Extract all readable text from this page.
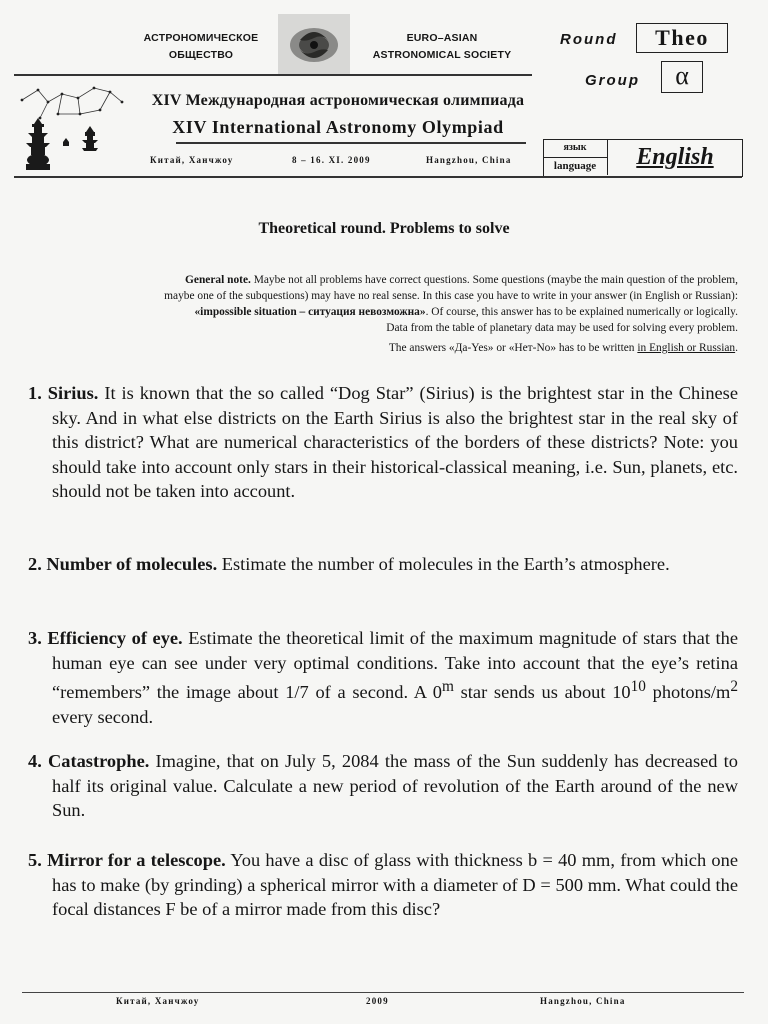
АСТРОНОМИЧЕСКОЕ
ОБЩЕСТВО
EURO–ASIAN
ASTRONOMICAL SOCIETY
Round	Theo
Group	α
XIV Международная астрономическая олимпиада
XIV International Astronomy Olympiad
Китай, Ханчжоу	8 – 16. XI. 2009	Hangzhou, China
язык
language	English
Theoretical round. Problems to solve
General note. Maybe not all problems have correct questions. Some questions (maybe the main question of the problem,
maybe one of the subquestions) may have no real sense. In this case you have to write in your answer (in English or Russian):
«impossible situation – ситуация невозможна». Of course, this answer has to be explained numerically or logically.
Data from the table of planetary data may be used for solving every problem.
The answers «Да-Yes» or «Нет-No» has to be written in English or Russian.
1. Sirius. It is known that the so called “Dog Star” (Sirius) is the brightest star in the Chinese sky. And in what else districts on the Earth Sirius is also the brightest star in the real sky of this district? What are numerical characteristics of the borders of these districts? Note: you should take into account only stars in their historical-classical meaning, i.e. Sun, planets, etc. should not be taken into account.
2. Number of molecules. Estimate the number of molecules in the Earth’s atmosphere.
3. Efficiency of eye. Estimate the theoretical limit of the maximum magnitude of stars that the human eye can see under very optimal conditions. Take into account that the eye’s retina “remembers” the image about 1/7 of a second. A 0$^m$ star sends us about $10^{10}$ photons/$m^2$ every second.
4. Catastrophe. Imagine, that on July 5, 2084 the mass of the Sun suddenly has decreased to half its original value. Calculate a new period of revolution of the Earth around of the new Sun.
5. Mirror for a telescope. You have a disc of glass with thickness b = 40 mm, from which one has to make (by grinding) a spherical mirror with a diameter of D = 500 mm. What could the focal distances F be of a mirror made from this disc?
Китай, Ханчжоу	2009	Hangzhou, China
